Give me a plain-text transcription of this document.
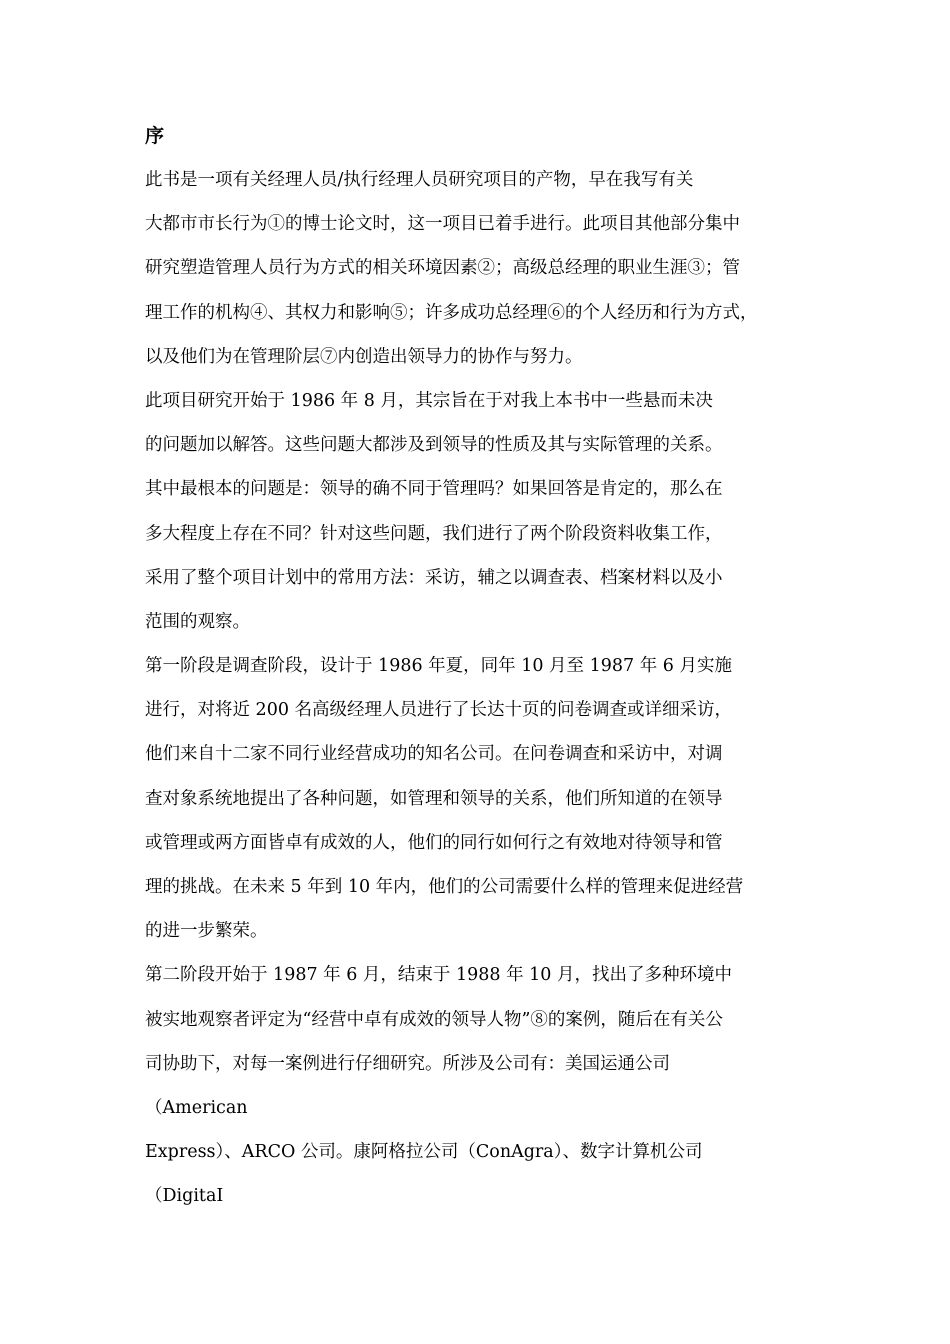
序
此书是一项有关经理人员/执行经理人员研究项目的产物，早在我写有关
大都市市长行为①的博士论文时，这一项目已着手进行。此项目其他部分集中
研究塑造管理人员行为方式的相关环境因素②；高级总经理的职业生涯③；管
理工作的机构④、其权力和影响⑤；许多成功总经理⑥的个人经历和行为方式，
以及他们为在管理阶层⑦内创造出领导力的协作与努力。
此项目研究开始于 1986 年 8 月，其宗旨在于对我上本书中一些悬而未决
的问题加以解答。这些问题大都涉及到领导的性质及其与实际管理的关系。
其中最根本的问题是：领导的确不同于管理吗？如果回答是肯定的，那么在
多大程度上存在不同？针对这些问题，我们进行了两个阶段资料收集工作，
采用了整个项目计划中的常用方法：采访，辅之以调查表、档案材料以及小
范围的观察。
第一阶段是调查阶段，设计于 1986 年夏，同年 10 月至 1987 年 6 月实施
进行，对将近 200 名高级经理人员进行了长达十页的问卷调查或详细采访，
他们来自十二家不同行业经营成功的知名公司。在问卷调查和采访中，对调
查对象系统地提出了各种问题，如管理和领导的关系，他们所知道的在领导
或管理或两方面皆卓有成效的人，他们的同行如何行之有效地对待领导和管
理的挑战。在未来 5 年到 10 年内，他们的公司需要什么样的管理来促进经营
的进一步繁荣。
第二阶段开始于 1987 年 6 月，结束于 1988 年 10 月，找出了多种环境中
被实地观察者评定为“经营中卓有成效的领导人物”⑧的案例，随后在有关公
司协助下，对每一案例进行仔细研究。所涉及公司有：美国运通公司
（American
Express）、ARCO 公司。康阿格拉公司（ConAgra）、数字计算机公司
（DigitaI
